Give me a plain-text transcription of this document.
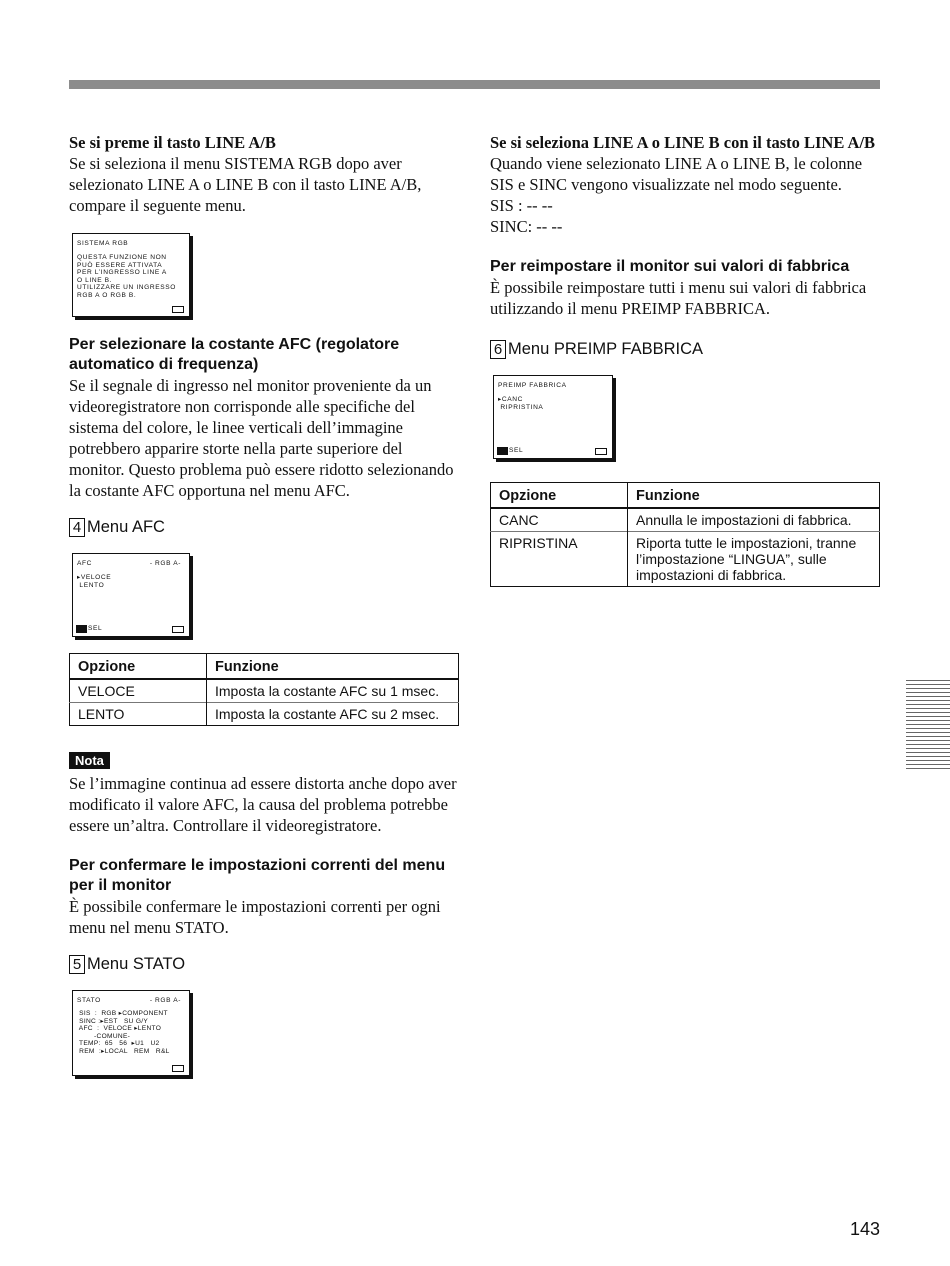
Se si preme il tasto LINE A/B

Se si seleziona il menu SISTEMA RGB dopo aver selezionato LINE A o LINE B con il tasto LINE A/B, compare il seguente menu.

SISTEMA RGB
QUESTA FUNZIONE NON
PUÒ ESSERE ATTIVATA
PER L’INGRESSO LINE A
O LINE B.
UTILIZZARE UN INGRESSO
RGB A O RGB B.

Per selezionare la costante AFC (regolatore automatico di frequenza)

Se il segnale di ingresso nel monitor proveniente da un videoregistratore non corrisponde alle specifiche del sistema del colore, le linee verticali dell’immagine potrebbero apparire storte nella parte superiore del monitor. Questo problema può essere ridotto selezionando la costante AFC opportuna nel menu AFC.

4 Menu AFC

AFC	- RGB A-
▸VELOCE
LENTO
SEL
Opzione	Funzione
VELOCE	Imposta la costante AFC su 1 msec.
LENTO	Imposta la costante AFC su 2 msec.
Nota

Se l’immagine continua ad essere distorta anche dopo aver modificato il valore AFC, la causa del problema potrebbe essere un’altra. Controllare il videoregistratore.

Per confermare le impostazioni correnti del menu per il monitor

È possibile confermare le impostazioni correnti per ogni menu nel menu STATO.

5 Menu STATO

STATO	- RGB A-
SIS  :  RGB ▸COMPONENT
SINC :▸EST   SU G/Y
AFC  :  VELOCE ▸LENTO
-COMUNE-
TEMP:  65   56  ▸U1   U2
REM  :▸LOCAL   REM   R&L

Se si seleziona LINE A o LINE B con il tasto LINE A/B

Quando viene selezionato LINE A o LINE B, le colonne SIS e SINC vengono visualizzate nel modo seguente.

SIS : -- --

SINC: -- --

Per reimpostare il monitor sui valori di fabbrica

È possibile reimpostare tutti i menu sui valori di fabbrica utilizzando il menu PREIMP FABBRICA.

6 Menu PREIMP FABBRICA

PREIMP FABBRICA
▸CANC
RIPRISTINA
SEL
Opzione	Funzione
CANC	Annulla le impostazioni di fabbrica.
RIPRISTINA	Riporta tutte le impostazioni, tranne l’impostazione “LINGUA”, sulle impostazioni di fabbrica.
143
